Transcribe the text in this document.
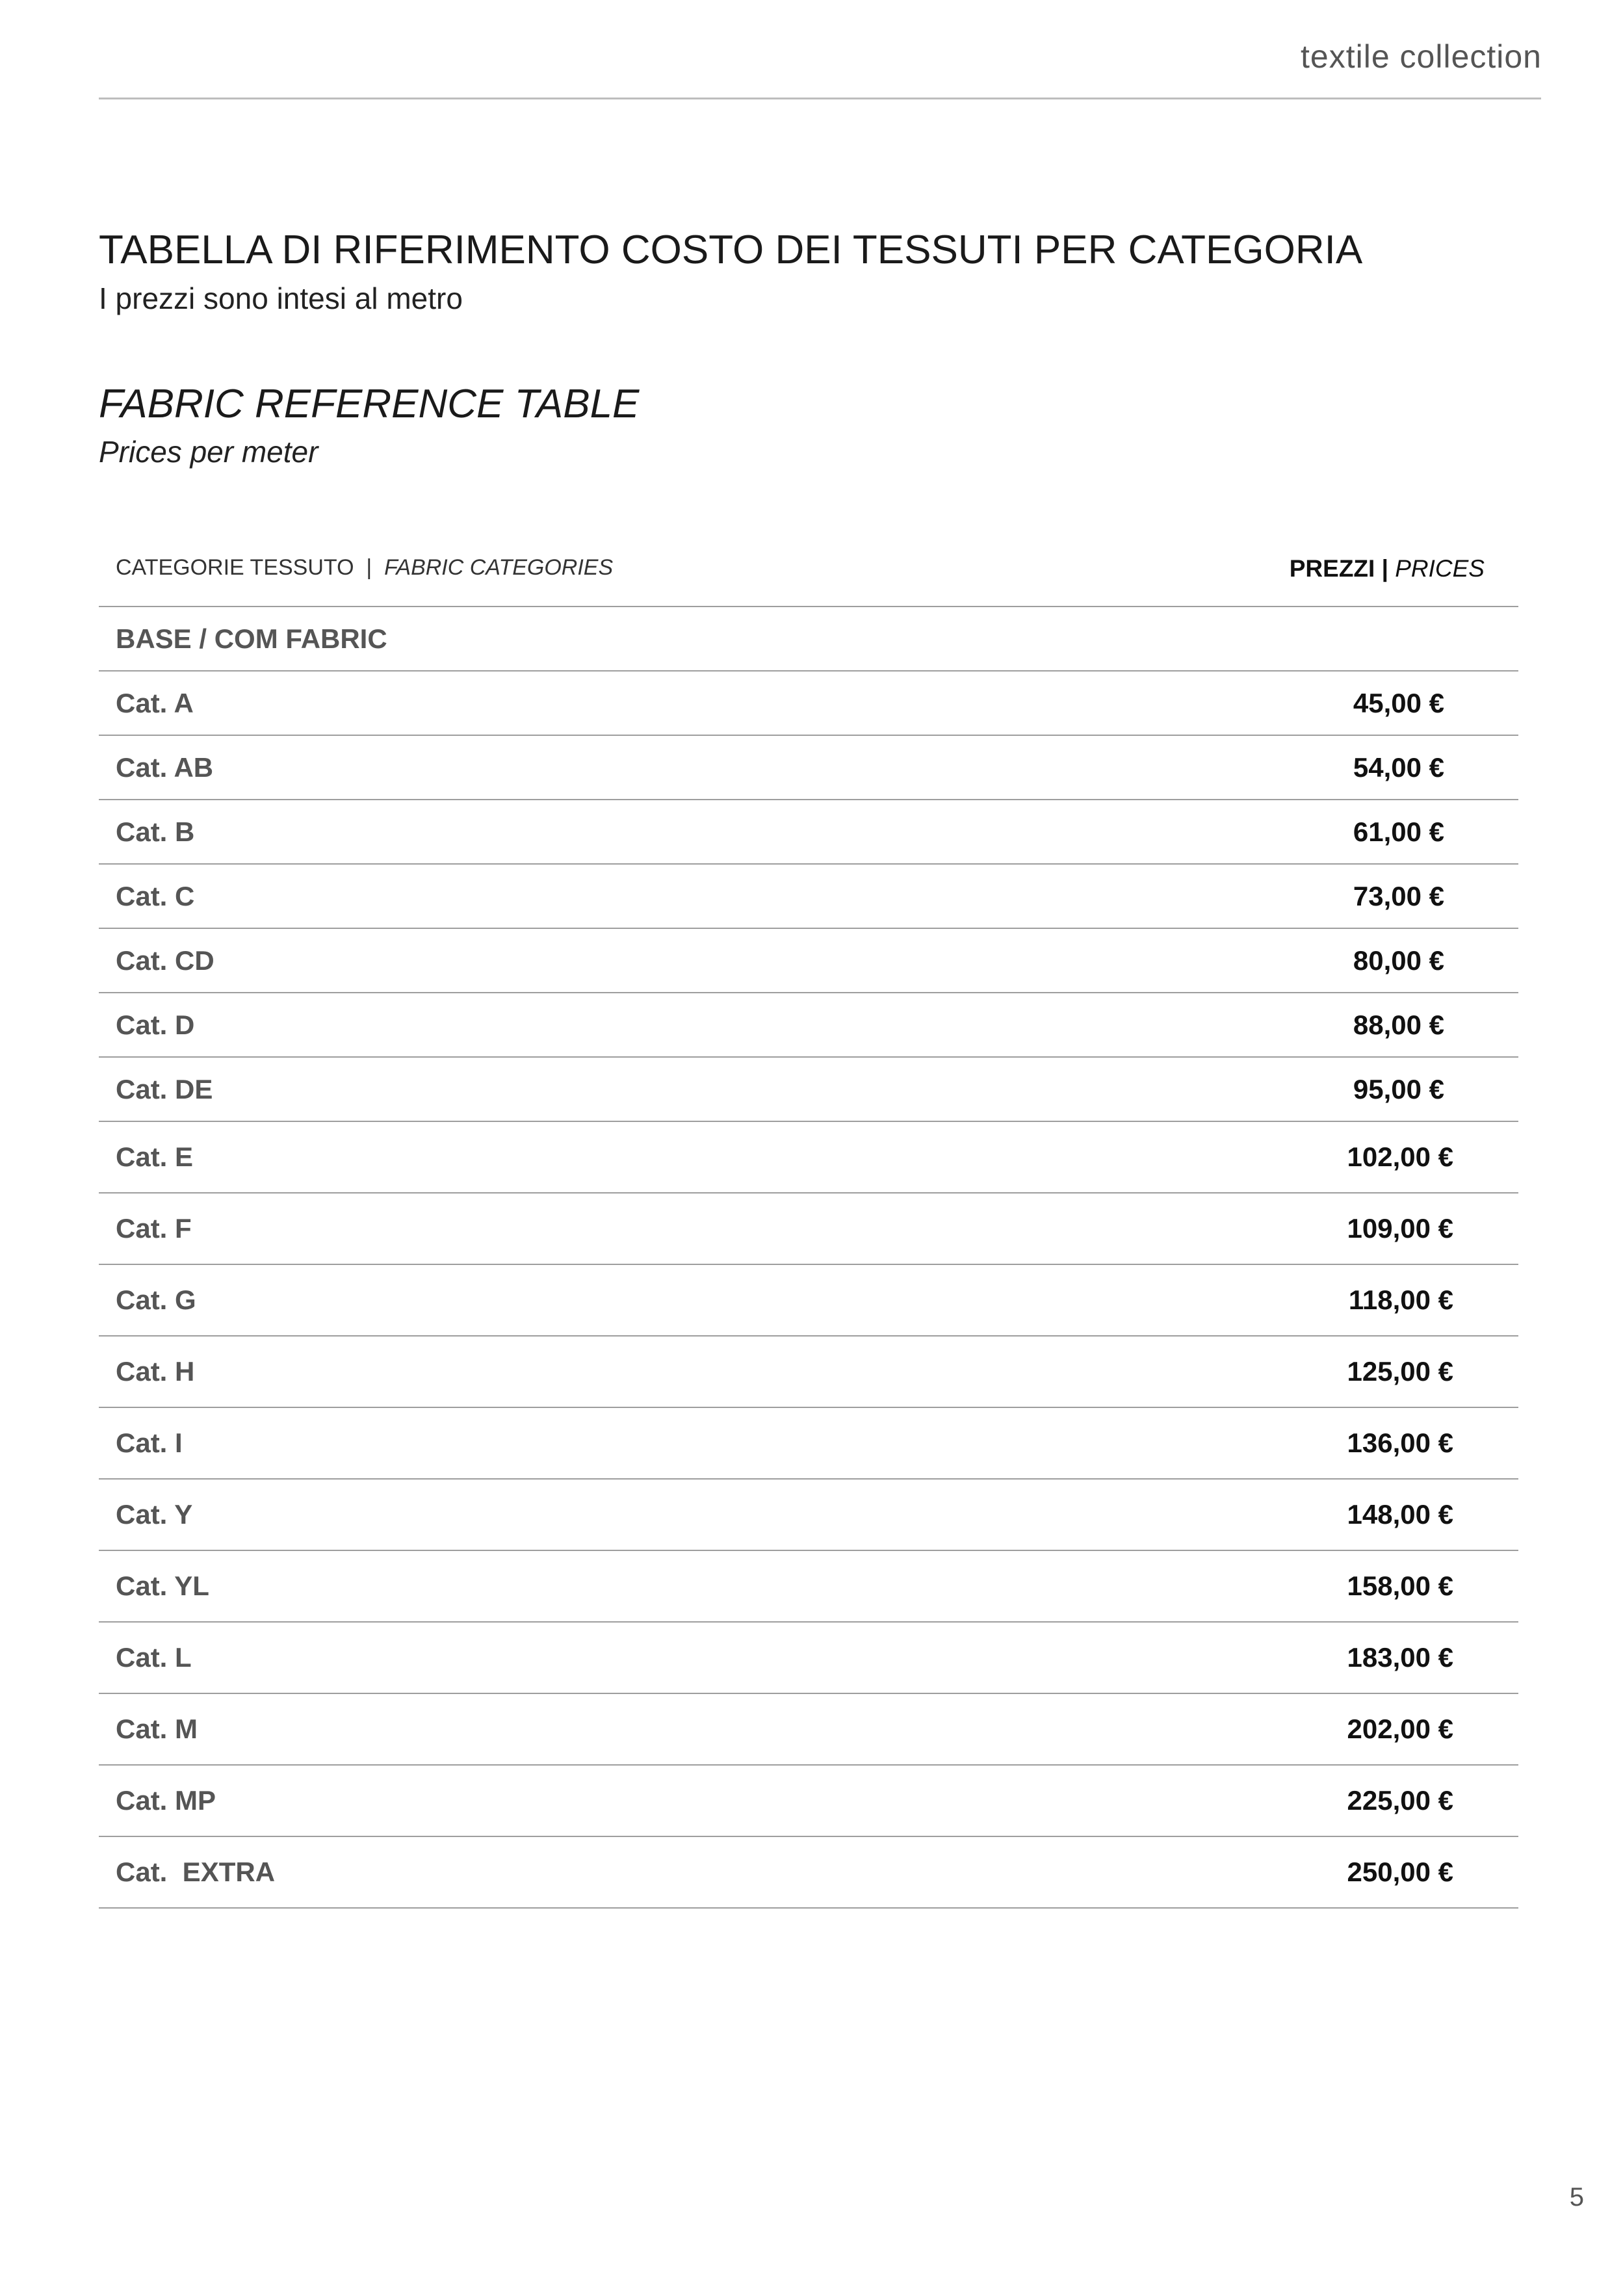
textile collection
TABELLA DI RIFERIMENTO COSTO DEI TESSUTI PER CATEGORIA
I prezzi sono intesi al metro
FABRIC REFERENCE TABLE
Prices per meter
CATEGORIE TESSUTO  |  FABRIC CATEGORIES	PREZZI | PRICES
BASE / COM FABRIC
Cat. A	45,00 €
Cat. AB	54,00 €
Cat. B	61,00 €
Cat. C	73,00 €
Cat. CD	80,00 €
Cat. D	88,00 €
Cat. DE	95,00 €
Cat. E	102,00 €
Cat. F	109,00 €
Cat. G	118,00 €
Cat. H	125,00 €
Cat. I	136,00 €
Cat. Y	148,00 €
Cat. YL	158,00 €
Cat. L	183,00 €
Cat. M	202,00 €
Cat. MP	225,00 €
Cat.  EXTRA	250,00 €
5
